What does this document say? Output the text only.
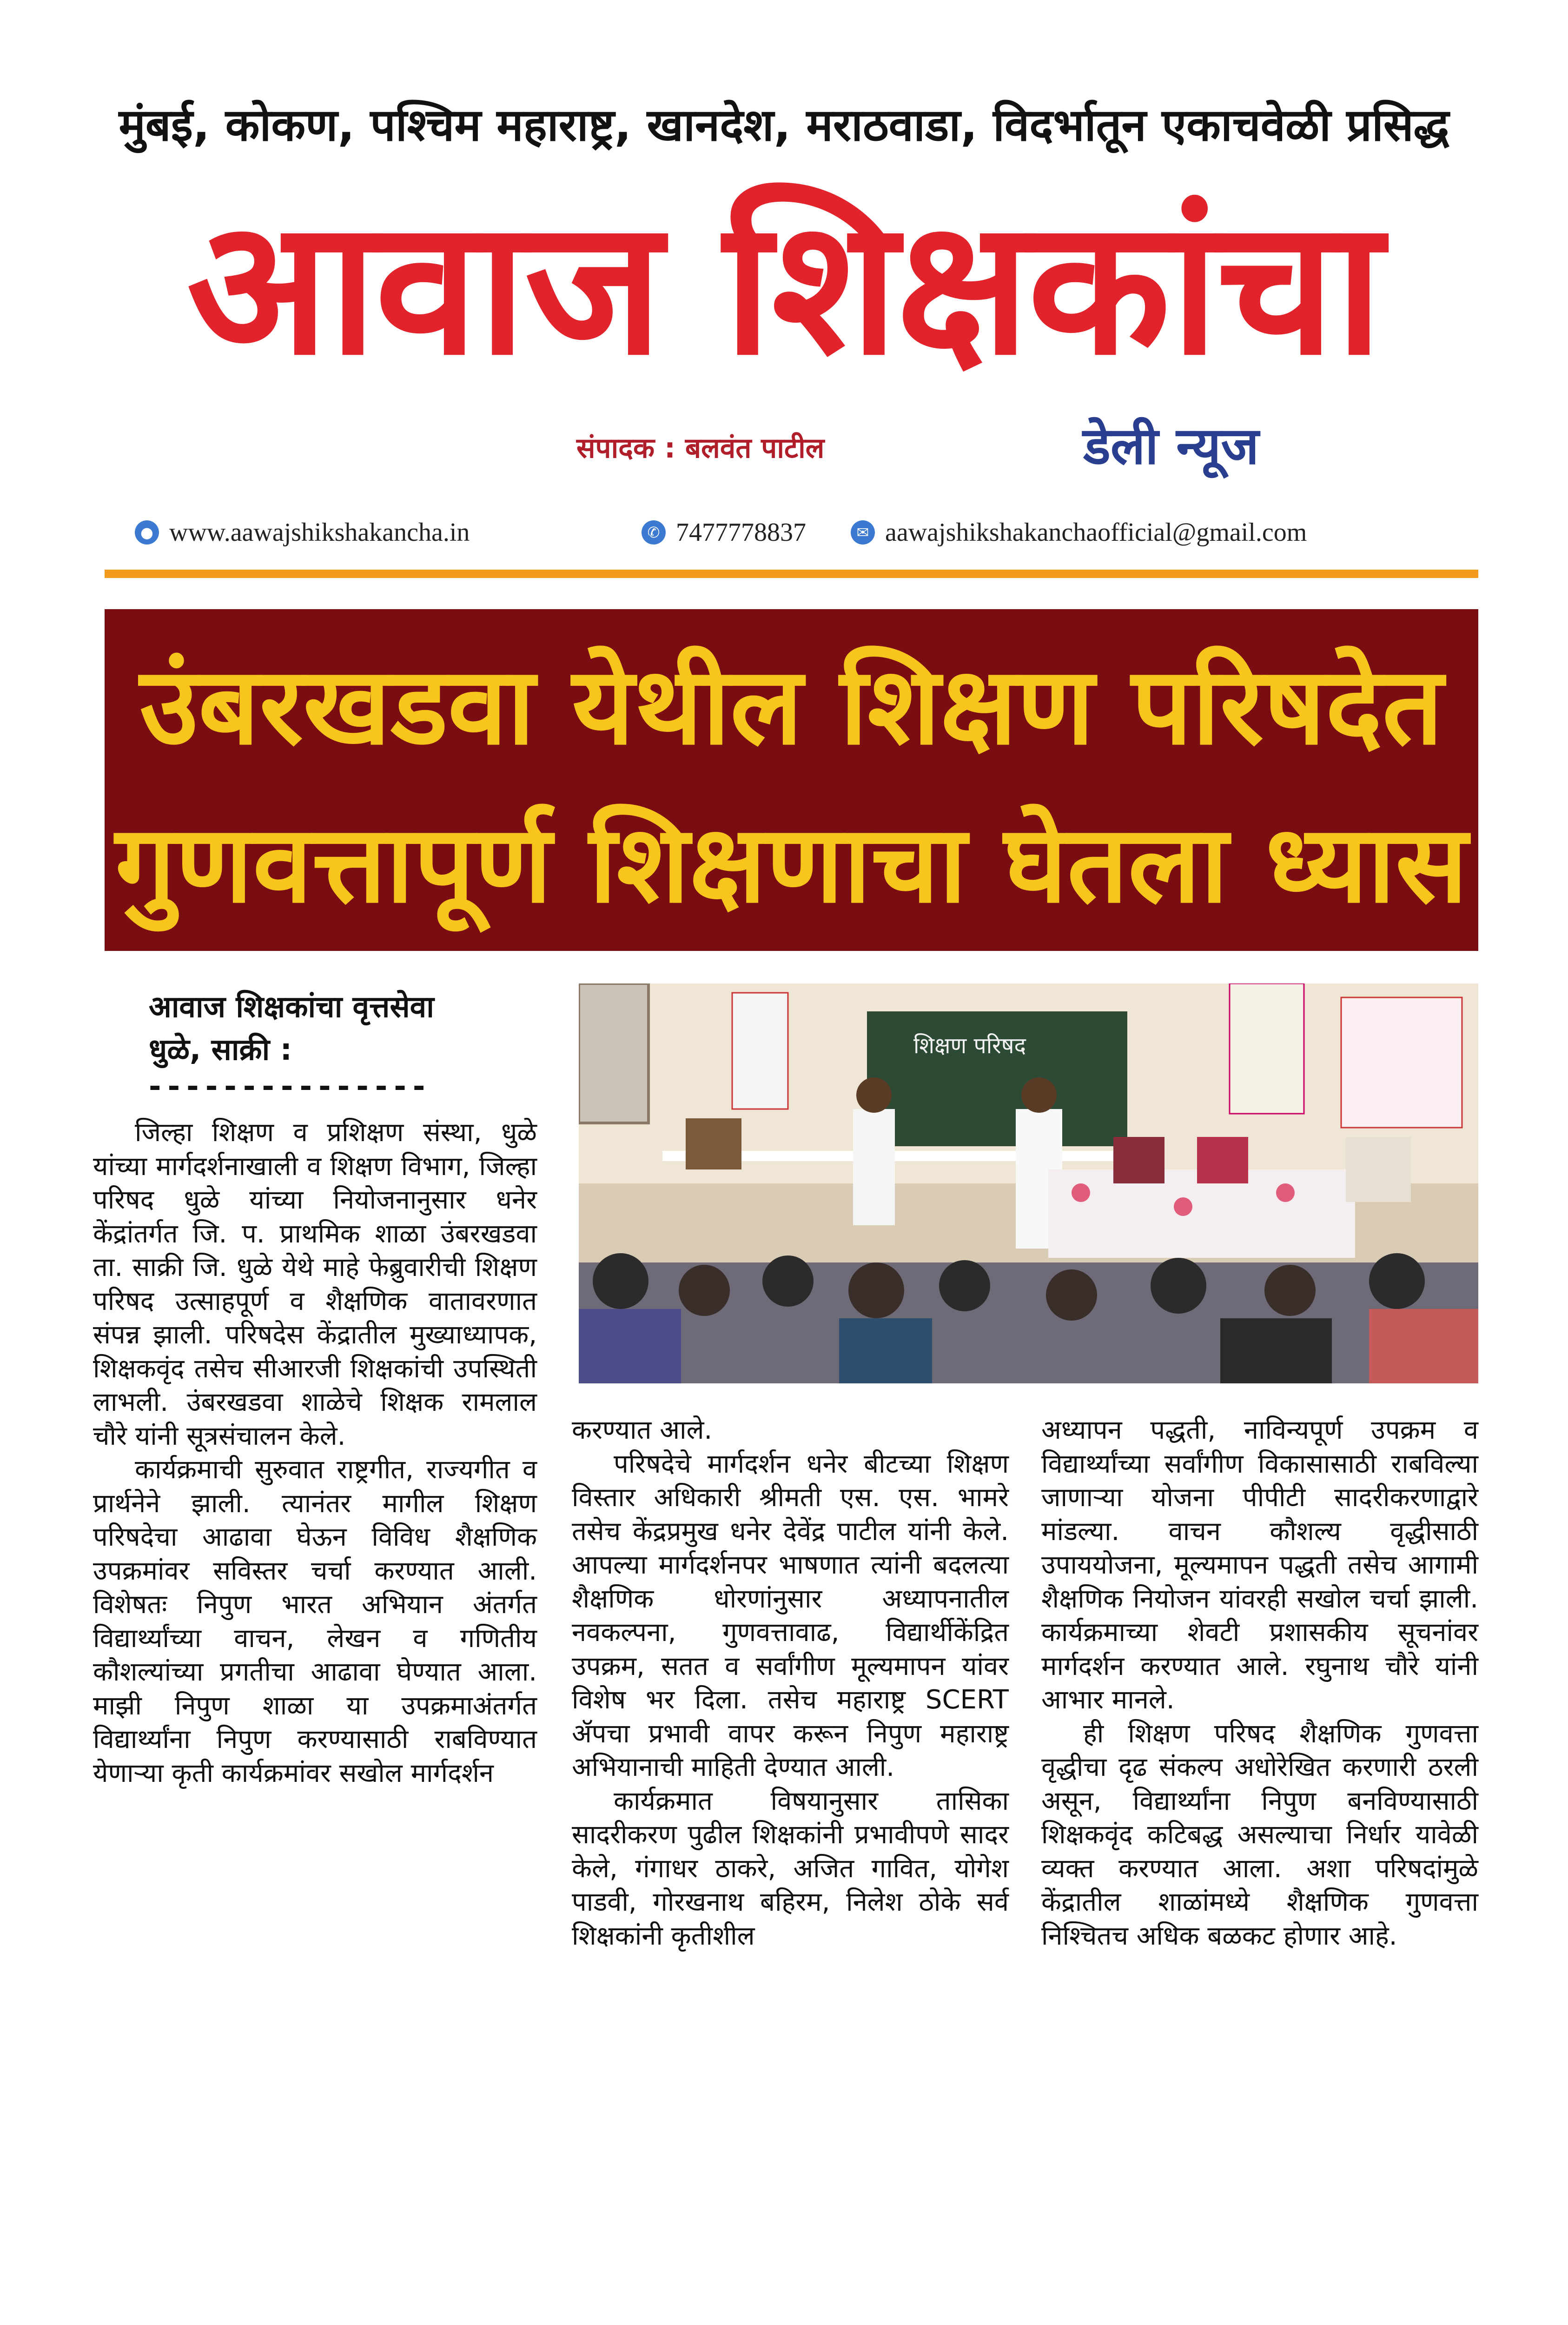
मुंबई, कोकण, पश्चिम महाराष्ट्र, खानदेश, मराठवाडा, विदर्भातून एकाचवेळी प्रसिद्ध
आवाज शिक्षकांचा
संपादक : बलवंत पाटील	डेली न्यूज
● www.aawajshikshakancha.in	✆ 7477778837	✉ aawajshikshakanchaofficial@gmail.com
उंबरखडवा येथील शिक्षण परिषदेत
गुणवत्तापूर्ण शिक्षणाचा घेतला ध्यास
आवाज शिक्षकांचा वृत्तसेवा
धुळे, साक्री :
---------------
शिक्षण परिषद

जिल्हा शिक्षण व प्रशिक्षण संस्था, धुळे यांच्या मार्गदर्शनाखाली व शिक्षण विभाग, जिल्हा परिषद धुळे यांच्या नियोजनानुसार धनेर केंद्रांतर्गत जि. प. प्राथमिक शाळा उंबरखडवा ता. साक्री जि. धुळे येथे माहे फेब्रुवारीची शिक्षण परिषद उत्साहपूर्ण व शैक्षणिक वातावरणात संपन्न झाली. परिषदेस केंद्रातील मुख्याध्यापक, शिक्षकवृंद तसेच सीआरजी शिक्षकांची उपस्थिती लाभली. उंबरखडवा शाळेचे शिक्षक रामलाल चौरे यांनी सूत्रसंचालन केले.

कार्यक्रमाची सुरुवात राष्ट्रगीत, राज्यगीत व प्रार्थनेने झाली. त्यानंतर मागील शिक्षण परिषदेचा आढावा घेऊन विविध शैक्षणिक उपक्रमांवर सविस्तर चर्चा करण्यात आली. विशेषतः निपुण भारत अभियान अंतर्गत विद्यार्थ्यांच्या वाचन, लेखन व गणितीय कौशल्यांच्या प्रगतीचा आढावा घेण्यात आला. माझी निपुण शाळा या उपक्रमाअंतर्गत विद्यार्थ्यांना निपुण करण्यासाठी राबविण्यात येणाऱ्या कृती कार्यक्रमांवर सखोल मार्गदर्शन

करण्यात आले.

परिषदेचे मार्गदर्शन धनेर बीटच्या शिक्षण विस्तार अधिकारी श्रीमती एस. एस. भामरे तसेच केंद्रप्रमुख धनेर देवेंद्र पाटील यांनी केले. आपल्या मार्गदर्शनपर भाषणात त्यांनी बदलत्या शैक्षणिक धोरणांनुसार अध्यापनातील नवकल्पना, गुणवत्तावाढ, विद्यार्थीकेंद्रित उपक्रम, सतत व सर्वांगीण मूल्यमापन यांवर विशेष भर दिला. तसेच महाराष्ट्र SCERT ॲपचा प्रभावी वापर करून निपुण महाराष्ट्र अभियानाची माहिती देण्यात आली.

कार्यक्रमात विषयानुसार तासिका सादरीकरण पुढील शिक्षकांनी प्रभावीपणे सादर केले, गंगाधर ठाकरे, अजित गावित, योगेश पाडवी, गोरखनाथ बहिरम, निलेश ठोके सर्व शिक्षकांनी कृतीशील

अध्यापन पद्धती, नाविन्यपूर्ण उपक्रम व विद्यार्थ्यांच्या सर्वांगीण विकासासाठी राबविल्या जाणाऱ्या योजना पीपीटी सादरीकरणाद्वारे मांडल्या. वाचन कौशल्य वृद्धीसाठी उपाययोजना, मूल्यमापन पद्धती तसेच आगामी शैक्षणिक नियोजन यांवरही सखोल चर्चा झाली. कार्यक्रमाच्या शेवटी प्रशासकीय सूचनांवर मार्गदर्शन करण्यात आले. रघुनाथ चौरे यांनी आभार मानले.

ही शिक्षण परिषद शैक्षणिक गुणवत्ता वृद्धीचा दृढ संकल्प अधोरेखित करणारी ठरली असून, विद्यार्थ्यांना निपुण बनविण्यासाठी शिक्षकवृंद कटिबद्ध असल्याचा निर्धार यावेळी व्यक्त करण्यात आला. अशा परिषदांमुळे केंद्रातील शाळांमध्ये शैक्षणिक गुणवत्ता निश्चितच अधिक बळकट होणार आहे.
